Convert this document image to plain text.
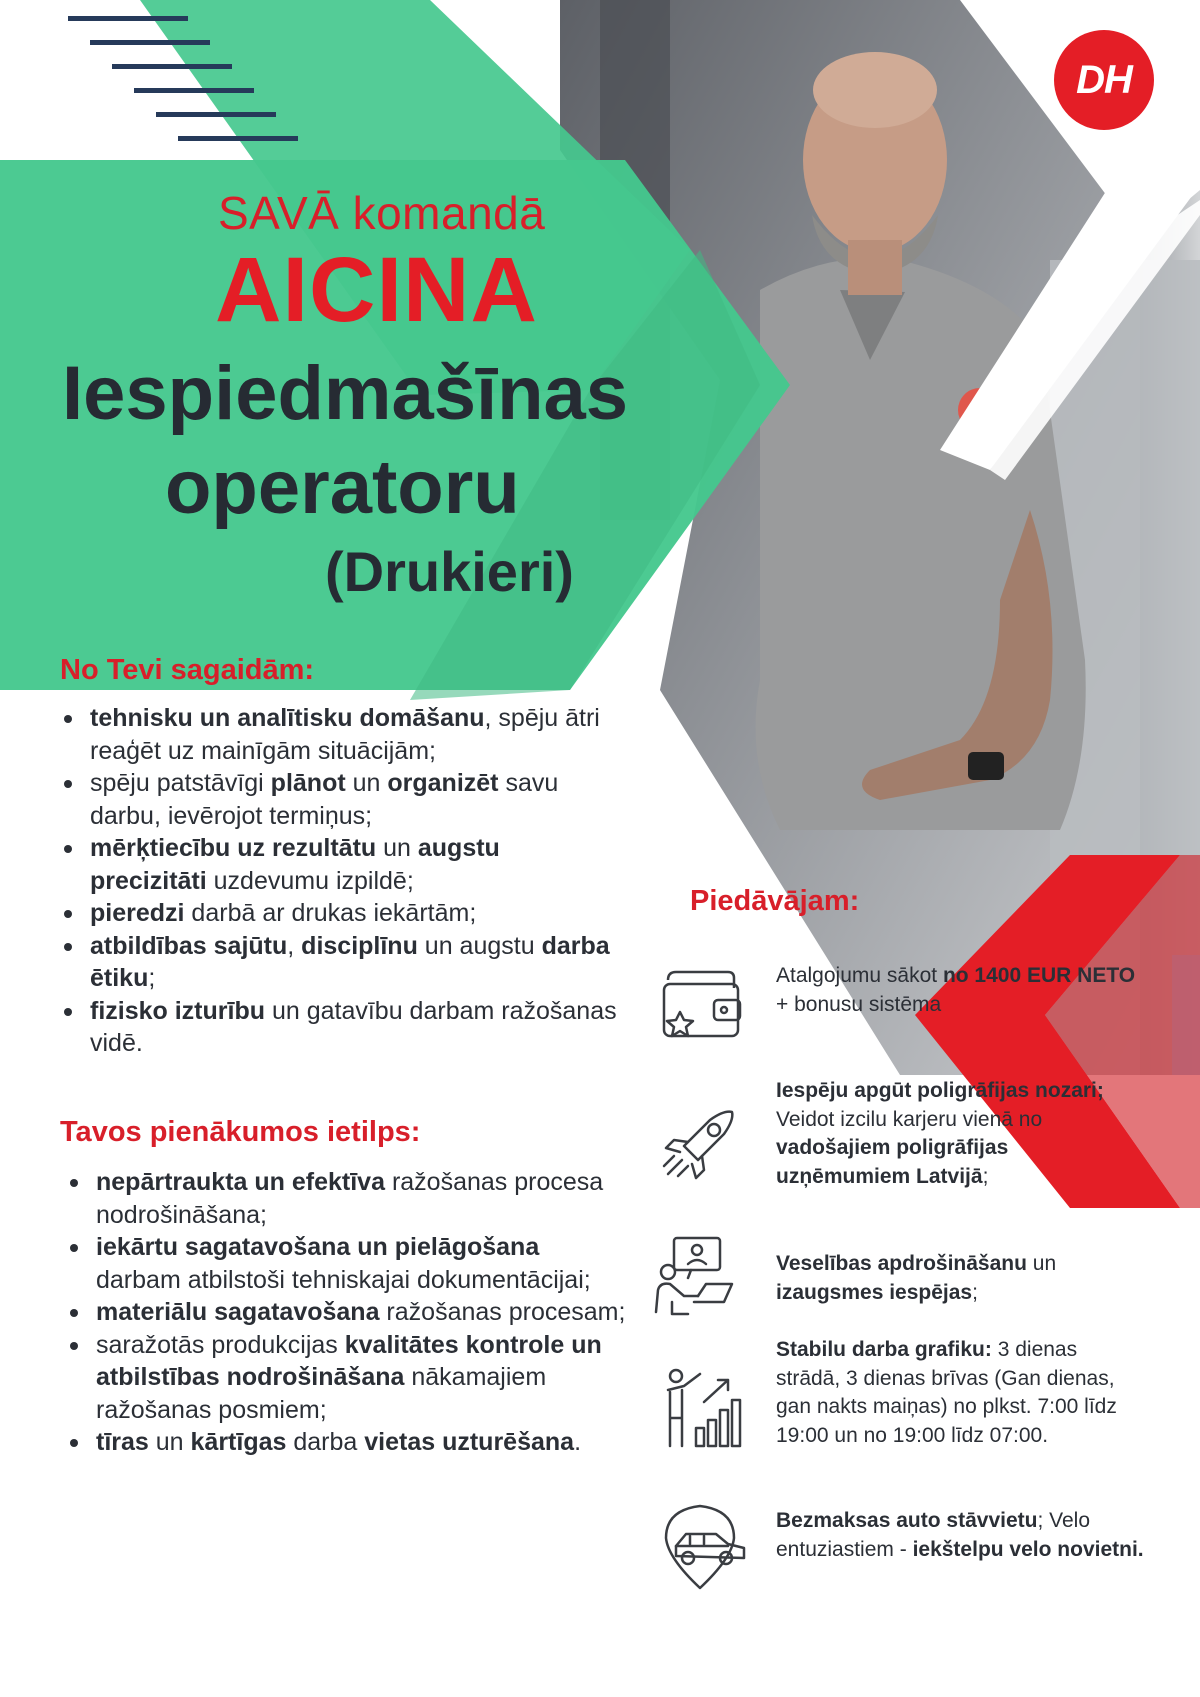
DH
SAVĀ komandā
AICINA
Iespiedmašīnas
operatoru
(Drukieri)
No Tevi sagaidām:
tehnisku un analītisku domāšanu, spēju ātri reaģēt uz mainīgām situācijām;
spēju patstāvīgi plānot un organizēt savu darbu, ievērojot termiņus;
mērķtiecību uz rezultātu un augstu precizitāti uzdevumu izpildē;
pieredzi darbā ar drukas iekārtām;
atbildības sajūtu, disciplīnu un augstu darba ētiku;
fizisko izturību un gatavību darbam ražošanas vidē.
Tavos pienākumos ietilps:
nepārtraukta un efektīva ražošanas procesa nodrošināšana;
iekārtu sagatavošana un pielāgošana darbam atbilstoši tehniskajai dokumentācijai;
materiālu sagatavošana ražošanas procesam;
saražotās produkcijas kvalitātes kontrole un atbilstības nodrošināšana nākamajiem ražošanas posmiem;
tīras un kārtīgas darba vietas uzturēšana.
Piedāvājam:
Atalgojumu sākot no 1400 EUR NETO + bonusu sistēma
Iespēju apgūt poligrāfijas nozari; Veidot izcilu karjeru vienā no vadošajiem poligrāfijas uzņēmumiem Latvijā;
Veselības apdrošināšanu un izaugsmes iespējas;
Stabilu darba grafiku: 3 dienas strādā, 3 dienas brīvas (Gan dienas, gan nakts maiņas) no plkst. 7:00 līdz 19:00 un no 19:00 līdz 07:00.
Bezmaksas auto stāvvietu; Velo entuziastiem - iekštelpu velo novietni.
